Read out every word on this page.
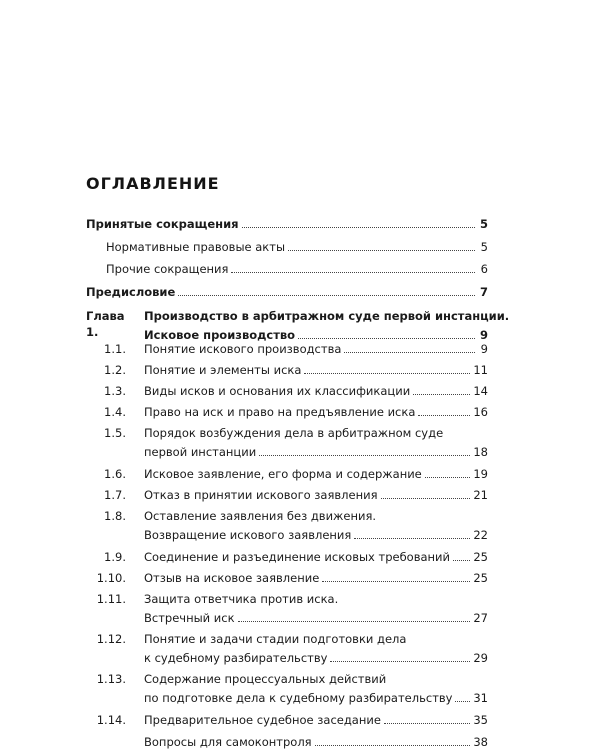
ОГЛАВЛЕНИЕ
Принятые сокращения	5
Нормативные правовые акты	5
Прочие сокращения	6
Предисловие	7
Глава 1.
Производство в арбитражном суде первой инстанции.
Исковое производство	9
1.1. Понятие искового производства	9
1.2. Понятие и элементы иска	11
1.3. Виды исков и основания их классификации	14
1.4. Право на иск и право на предъявление иска	16
1.5. Порядок возбуждения дела в арбитражном суде
первой инстанции	18
1.6. Исковое заявление, его форма и содержание	19
1.7. Отказ в принятии искового заявления	21
1.8. Оставление заявления без движения.
Возвращение искового заявления	22
1.9. Соединение и разъединение исковых требований 25
1.10. Отзыв на исковое заявление	25
1.11. Защита ответчика против иска.
Встречный иск	27
1.12. Понятие и задачи стадии подготовки дела
к судебному разбирательству	29
1.13. Содержание процессуальных действий
по подготовке дела к судебному разбирательству 31
1.14. Предварительное судебное заседание	35
Вопросы для самоконтроля	38
